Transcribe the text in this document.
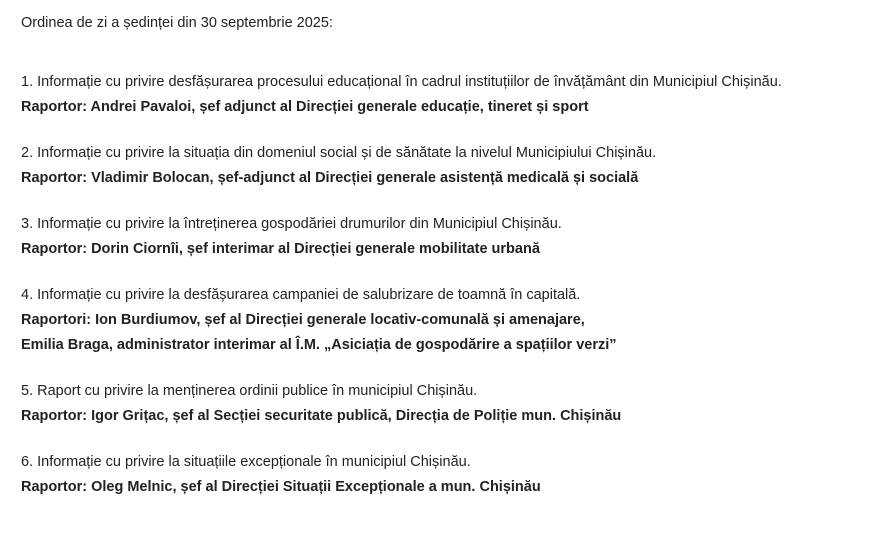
Ordinea de zi a ședinței din 30 septembrie 2025:

1. Informație cu privire desfășurarea procesului educațional în cadrul instituțiilor de învățământ din Municipiul Chișinău.

Raportor: Andrei Pavaloi, șef adjunct al Direcției generale educație, tineret și sport

2. Informație cu privire la situația din domeniul social și de sănătate la nivelul Municipiului Chișinău.

Raportor: Vladimir Bolocan, șef-adjunct al Direcției generale asistență medicală și socială

3. Informație cu privire la întreținerea gospodăriei drumurilor din Municipiul Chișinău.

Raportor: Dorin Ciornîi, șef interimar al Direcției generale mobilitate urbană

4. Informație cu privire la desfășurarea campaniei de salubrizare de toamnă în capitală.

Raportori: Ion Burdiumov, șef al Direcției generale locativ-comunală și amenajare,

Emilia Braga, administrator interimar al Î.M. „Asiciația de gospodărire a spațiilor verzi”

5. Raport cu privire la menținerea ordinii publice în municipiul Chișinău.

Raportor: Igor Grițac, șef al Secției securitate publică, Direcția de Poliție mun. Chișinău

6. Informație cu privire la situațiile excepționale în municipiul Chișinău.

Raportor: Oleg Melnic, șef al Direcției Situații Excepționale a mun. Chișinău
